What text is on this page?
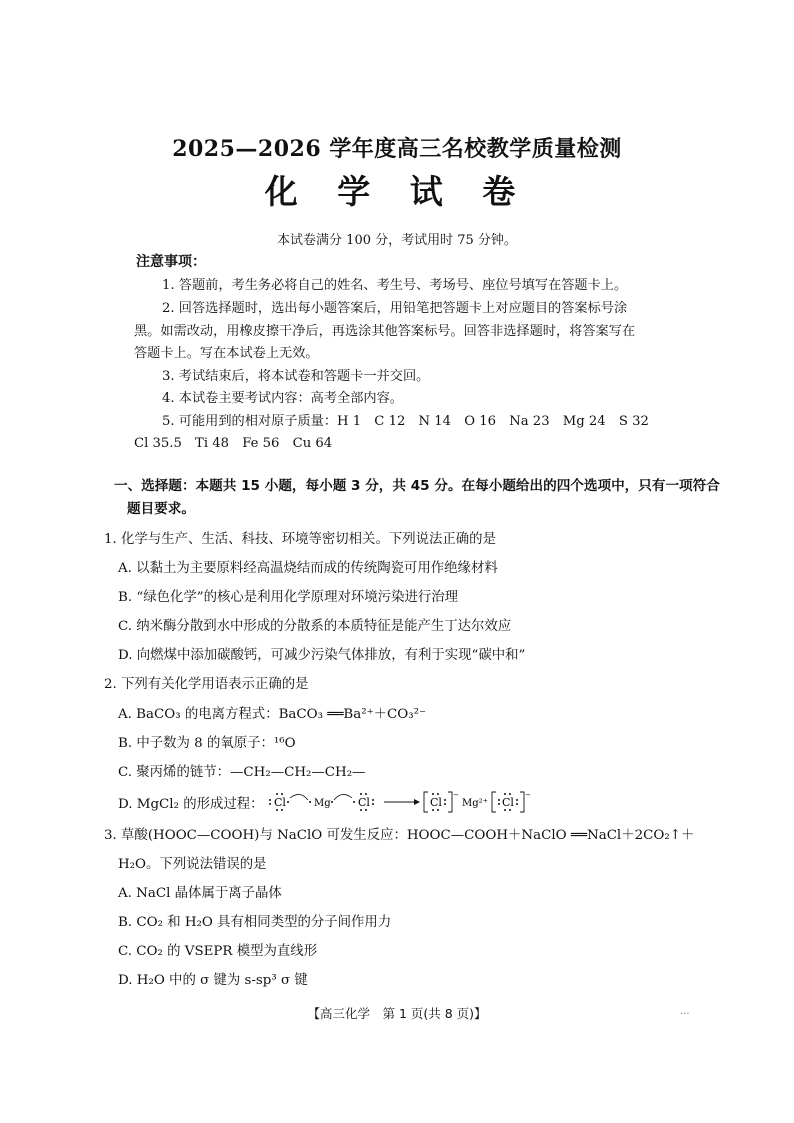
2025—2026 学年度高三名校教学质量检测
化 学 试 卷
本试卷满分 100 分，考试用时 75 分钟。
注意事项：
1. 答题前，考生务必将自己的姓名、考生号、考场号、座位号填写在答题卡上。
2. 回答选择题时，选出每小题答案后，用铅笔把答题卡上对应题目的答案标号涂
黑。如需改动，用橡皮擦干净后，再选涂其他答案标号。回答非选择题时，将答案写在
答题卡上。写在本试卷上无效。
3. 考试结束后，将本试卷和答题卡一并交回。
4. 本试卷主要考试内容：高考全部内容。
5. 可能用到的相对原子质量：H 1　C 12　N 14　O 16　Na 23　Mg 24　S 32
Cl 35.5　Ti 48　Fe 56　Cu 64
一、选择题：本题共 15 小题，每小题 3 分，共 45 分。在每小题给出的四个选项中，只有一项符合
题目要求。
1. 化学与生产、生活、科技、环境等密切相关。下列说法正确的是
A. 以黏土为主要原料经高温烧结而成的传统陶瓷可用作绝缘材料
B. “绿色化学”的核心是利用化学原理对环境污染进行治理
C. 纳米酶分散到水中形成的分散系的本质特征是能产生丁达尔效应
D. 向燃煤中添加碳酸钙，可减少污染气体排放，有利于实现“碳中和”
2. 下列有关化学用语表示正确的是
A. BaCO₃ 的电离方程式：BaCO₃ ══Ba²⁺＋CO₃²⁻
B. 中子数为 8 的氧原子：¹⁶O
C. 聚丙烯的链节：—CH₂—CH₂—CH₂—
D. MgCl₂ 的形成过程： Cl	Mg Cl	Cl
−
Mg²⁺ Cl
−
3. 草酸(HOOC—COOH)与 NaClO 可发生反应：HOOC—COOH＋NaClO ══NaCl＋2CO₂↑＋
H₂O。下列说法错误的是
A. NaCl 晶体属于离子晶体
B. CO₂ 和 H₂O 具有相同类型的分子间作用力
C. CO₂ 的 VSEPR 模型为直线形
D. H₂O 中的 σ 键为 s-sp³ σ 键
【高三化学　第 1 页(共 8 页)】	...
